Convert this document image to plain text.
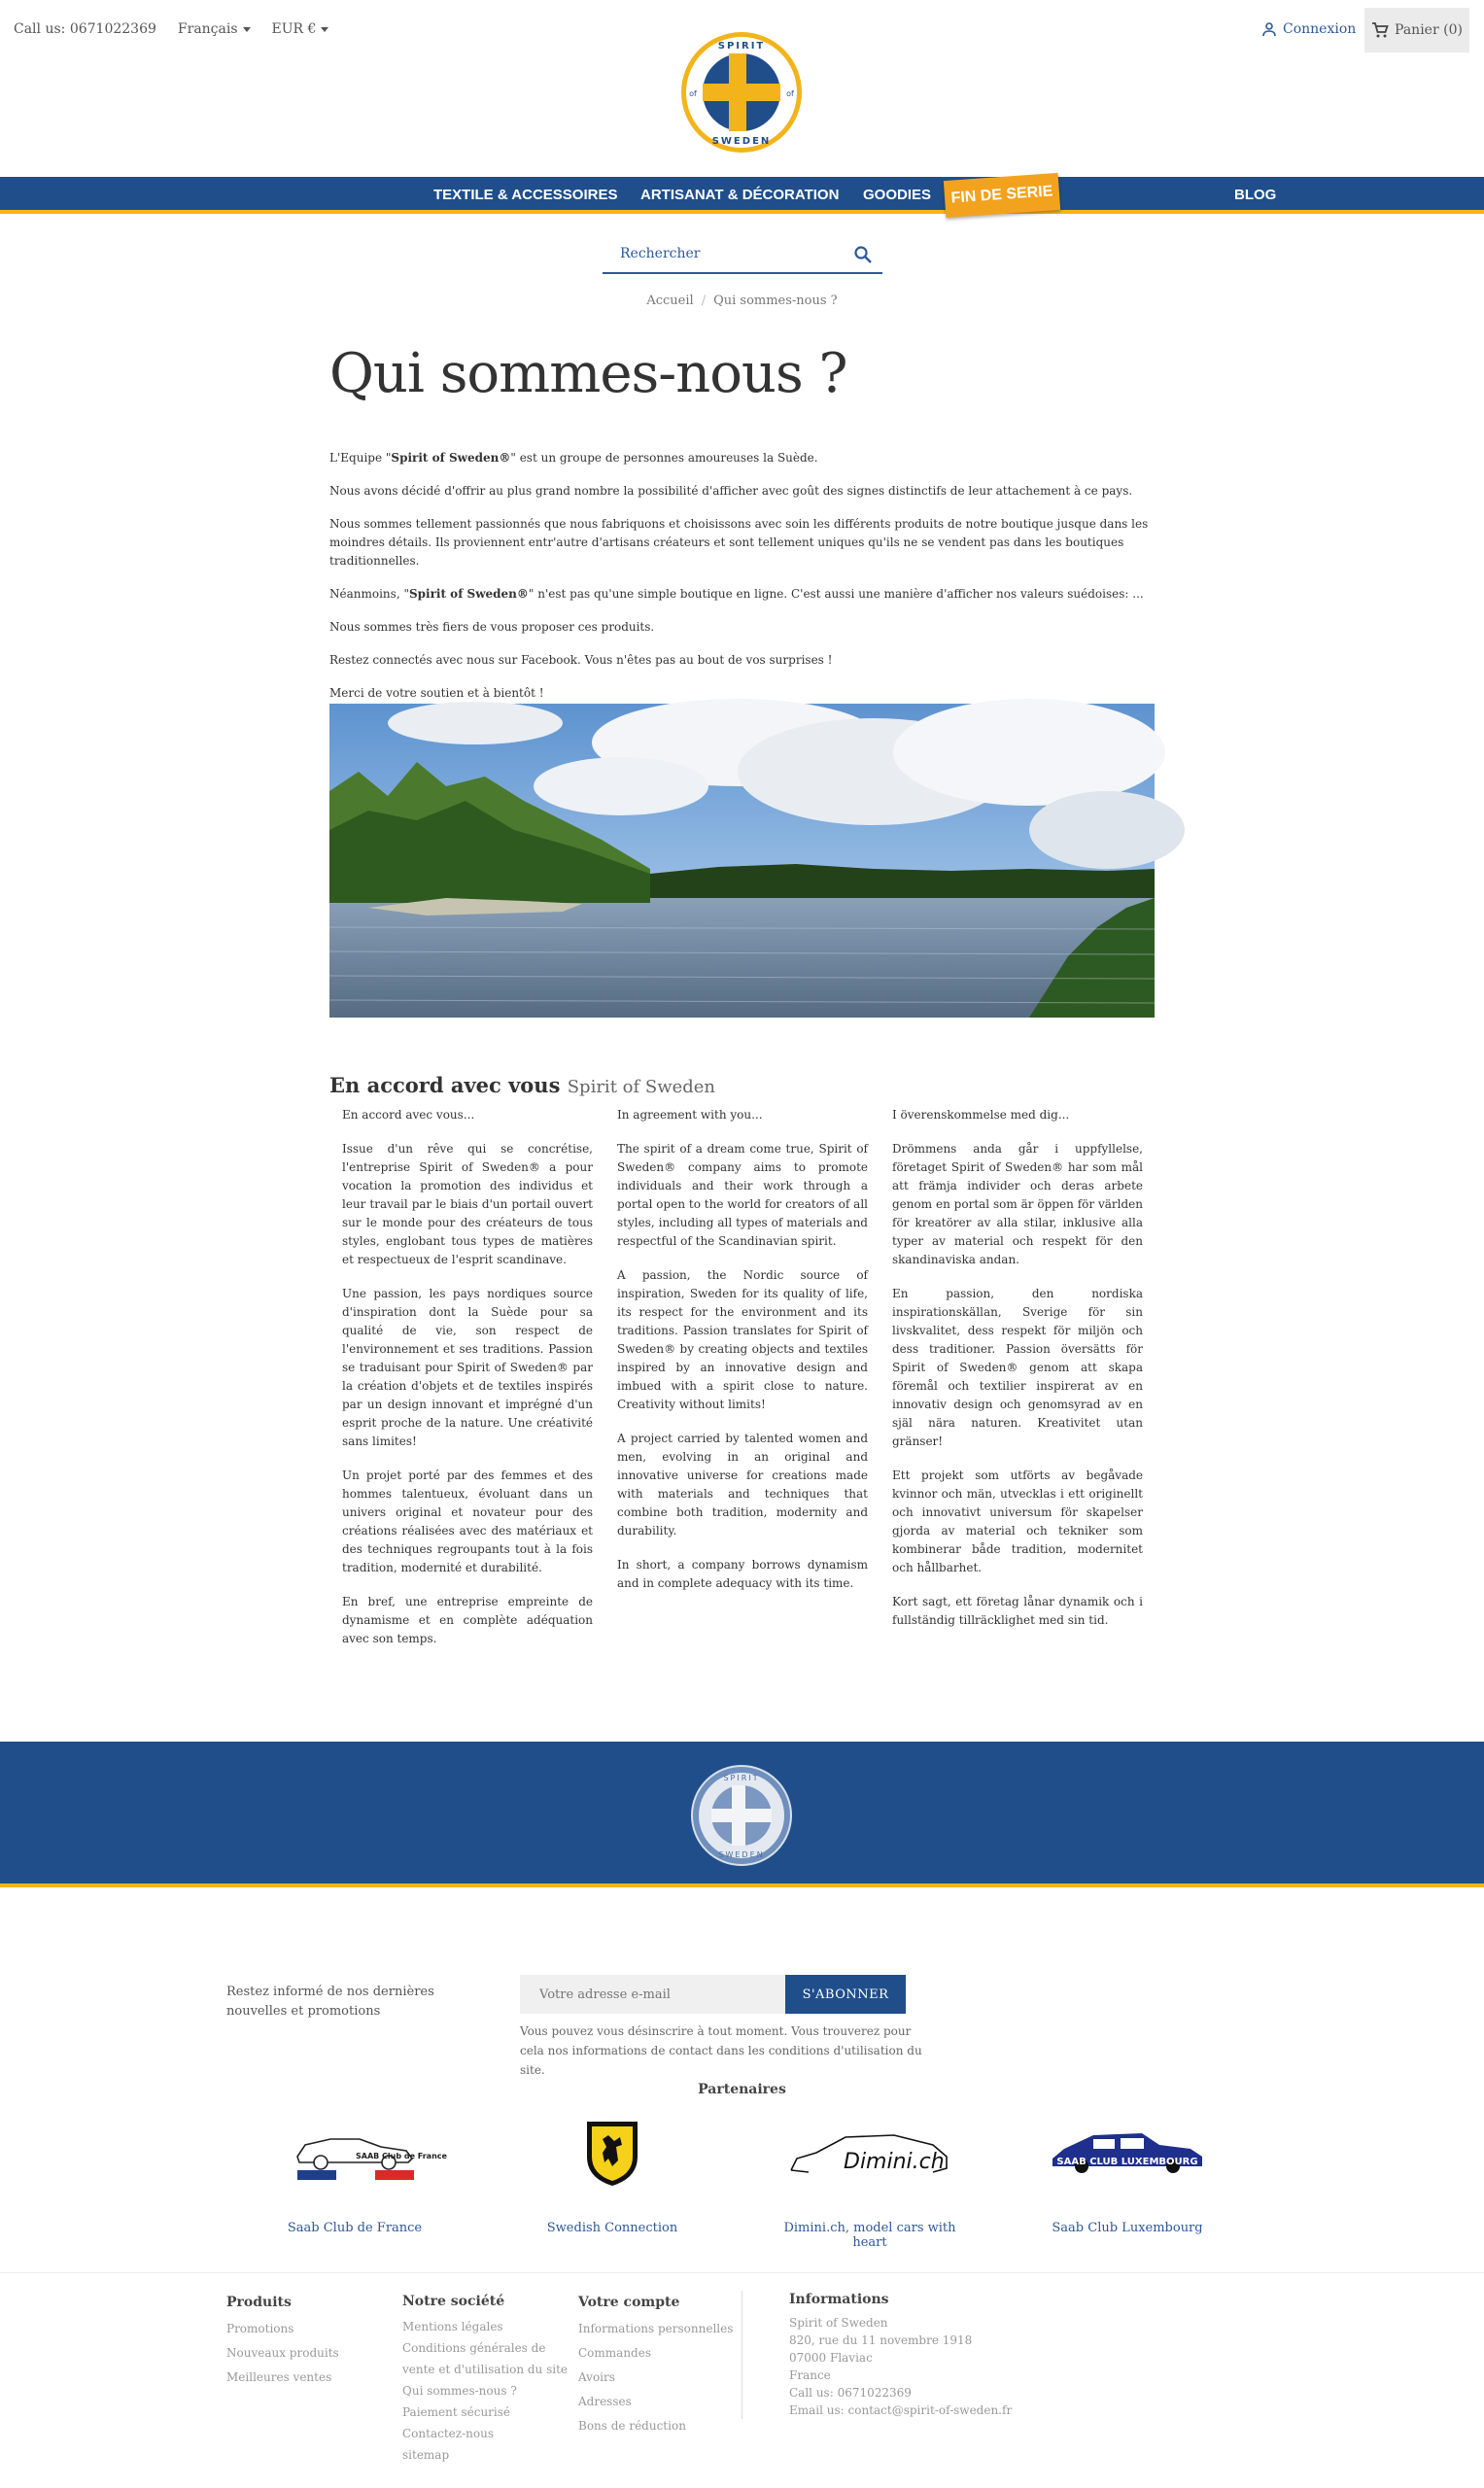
Call us: 0671022369 Français	EUR €
SPIRIT
SWEDEN
of	of
Connexion	Panier (0)
TEXTILE & ACCESSOIRES ARTISANAT & DÉCORATION GOODIES	FIN DE SERIE	BLOG
Rechercher
Accueil / Qui sommes-nous ?
Qui sommes-nous ?

L'Equipe "Spirit of Sweden®" est un groupe de personnes amoureuses la Suède.

Nous avons décidé d'offrir au plus grand nombre la possibilité d'afficher avec goût des signes distinctifs de leur attachement à ce pays.

Nous sommes tellement passionnés que nous fabriquons et choisissons avec soin les différents produits de notre boutique jusque dans les moindres détails. Ils proviennent entr'autre d'artisans créateurs et sont tellement uniques qu'ils ne se vendent pas dans les boutiques traditionnelles.

Néanmoins, "Spirit of Sweden®" n'est pas qu'une simple boutique en ligne. C'est aussi une manière d'afficher nos valeurs suédoises: ...

Nous sommes très fiers de vous proposer ces produits.

Restez connectés avec nous sur Facebook. Vous n'êtes pas au bout de vos surprises !

Merci de votre soutien et à bientôt !

En accord avec vous Spirit of Sweden

En accord avec vous...

Issue d'un rêve qui se concrétise, l'entreprise Spirit of Sweden® a pour vocation la promotion des individus et leur travail par le biais d'un portail ouvert sur le monde pour des créateurs de tous styles, englobant tous types de matières et respectueux de l'esprit scandinave.

Une passion, les pays nordiques source d'inspiration dont la Suède pour sa qualité de vie, son respect de l'environnement et ses traditions. Passion se traduisant pour Spirit of Sweden® par la création d'objets et de textiles inspirés par un design innovant et imprégné d'un esprit proche de la nature. Une créativité sans limites!

Un projet porté par des femmes et des hommes talentueux, évoluant dans un univers original et novateur pour des créations réalisées avec des matériaux et des techniques regroupants tout à la fois tradition, modernité et durabilité.

En bref, une entreprise empreinte de dynamisme et en complète adéquation avec son temps.

In agreement with you...

The spirit of a dream come true, Spirit of Sweden® company aims to promote individuals and their work through a portal open to the world for creators of all styles, including all types of materials and respectful of the Scandinavian spirit.

A passion, the Nordic source of inspiration, Sweden for its quality of life, its respect for the environment and its traditions. Passion translates for Spirit of Sweden® by creating objects and textiles inspired by an innovative design and imbued with a spirit close to nature. Creativity without limits!

A project carried by talented women and men, evolving in an original and innovative universe for creations made with materials and techniques that combine both tradition, modernity and durability.

In short, a company borrows dynamism and in complete adequacy with its time.

I överenskommelse med dig...

Drömmens anda går i uppfyllelse, företaget Spirit of Sweden® har som mål att främja individer och deras arbete genom en portal som är öppen för världen för kreatörer av alla stilar, inklusive alla typer av material och respekt för den skandinaviska andan.

En passion, den nordiska inspirationskällan, Sverige för sin livskvalitet, dess respekt för miljön och dess traditioner. Passion översätts för Spirit of Sweden® genom att skapa föremål och textilier inspirerat av en innovativ design och genomsyrad av en själ nära naturen. Kreativitet utan gränser!

Ett projekt som utförts av begåvade kvinnor och män, utvecklas i ett originellt och innovativt universum för skapelser gjorda av material och tekniker som kombinerar både tradition, modernitet och hållbarhet.

Kort sagt, ett företag lånar dynamik och i fullständig tillräcklighet med sin tid.

SPIRIT
SWEDEN
Restez informé de nos dernières nouvelles et promotions
Votre adresse e-mail
S'ABONNER
Vous pouvez vous désinscrire à tout moment. Vous trouverez pour cela nos informations de contact dans les conditions d'utilisation du site.
Partenaires
SAAB Club de France
Saab Club de France	Swedish Connection
Dimini.ch
Dimini.ch, model cars with heart
SAAB CLUB LUXEMBOURG
Saab Club Luxembourg
Produits
Promotions
Nouveaux produits
Meilleures ventes
Notre société
Mentions légales
Conditions générales de
vente et d'utilisation du site
Qui sommes-nous ?
Paiement sécurisé
Contactez-nous
sitemap
Votre compte
Informations personnelles
Commandes
Avoirs
Adresses
Bons de réduction
Informations
Spirit of Sweden
820, rue du 11 novembre 1918
07000 Flaviac
France
Call us: 0671022369
Email us: contact@spirit-of-sweden.fr
